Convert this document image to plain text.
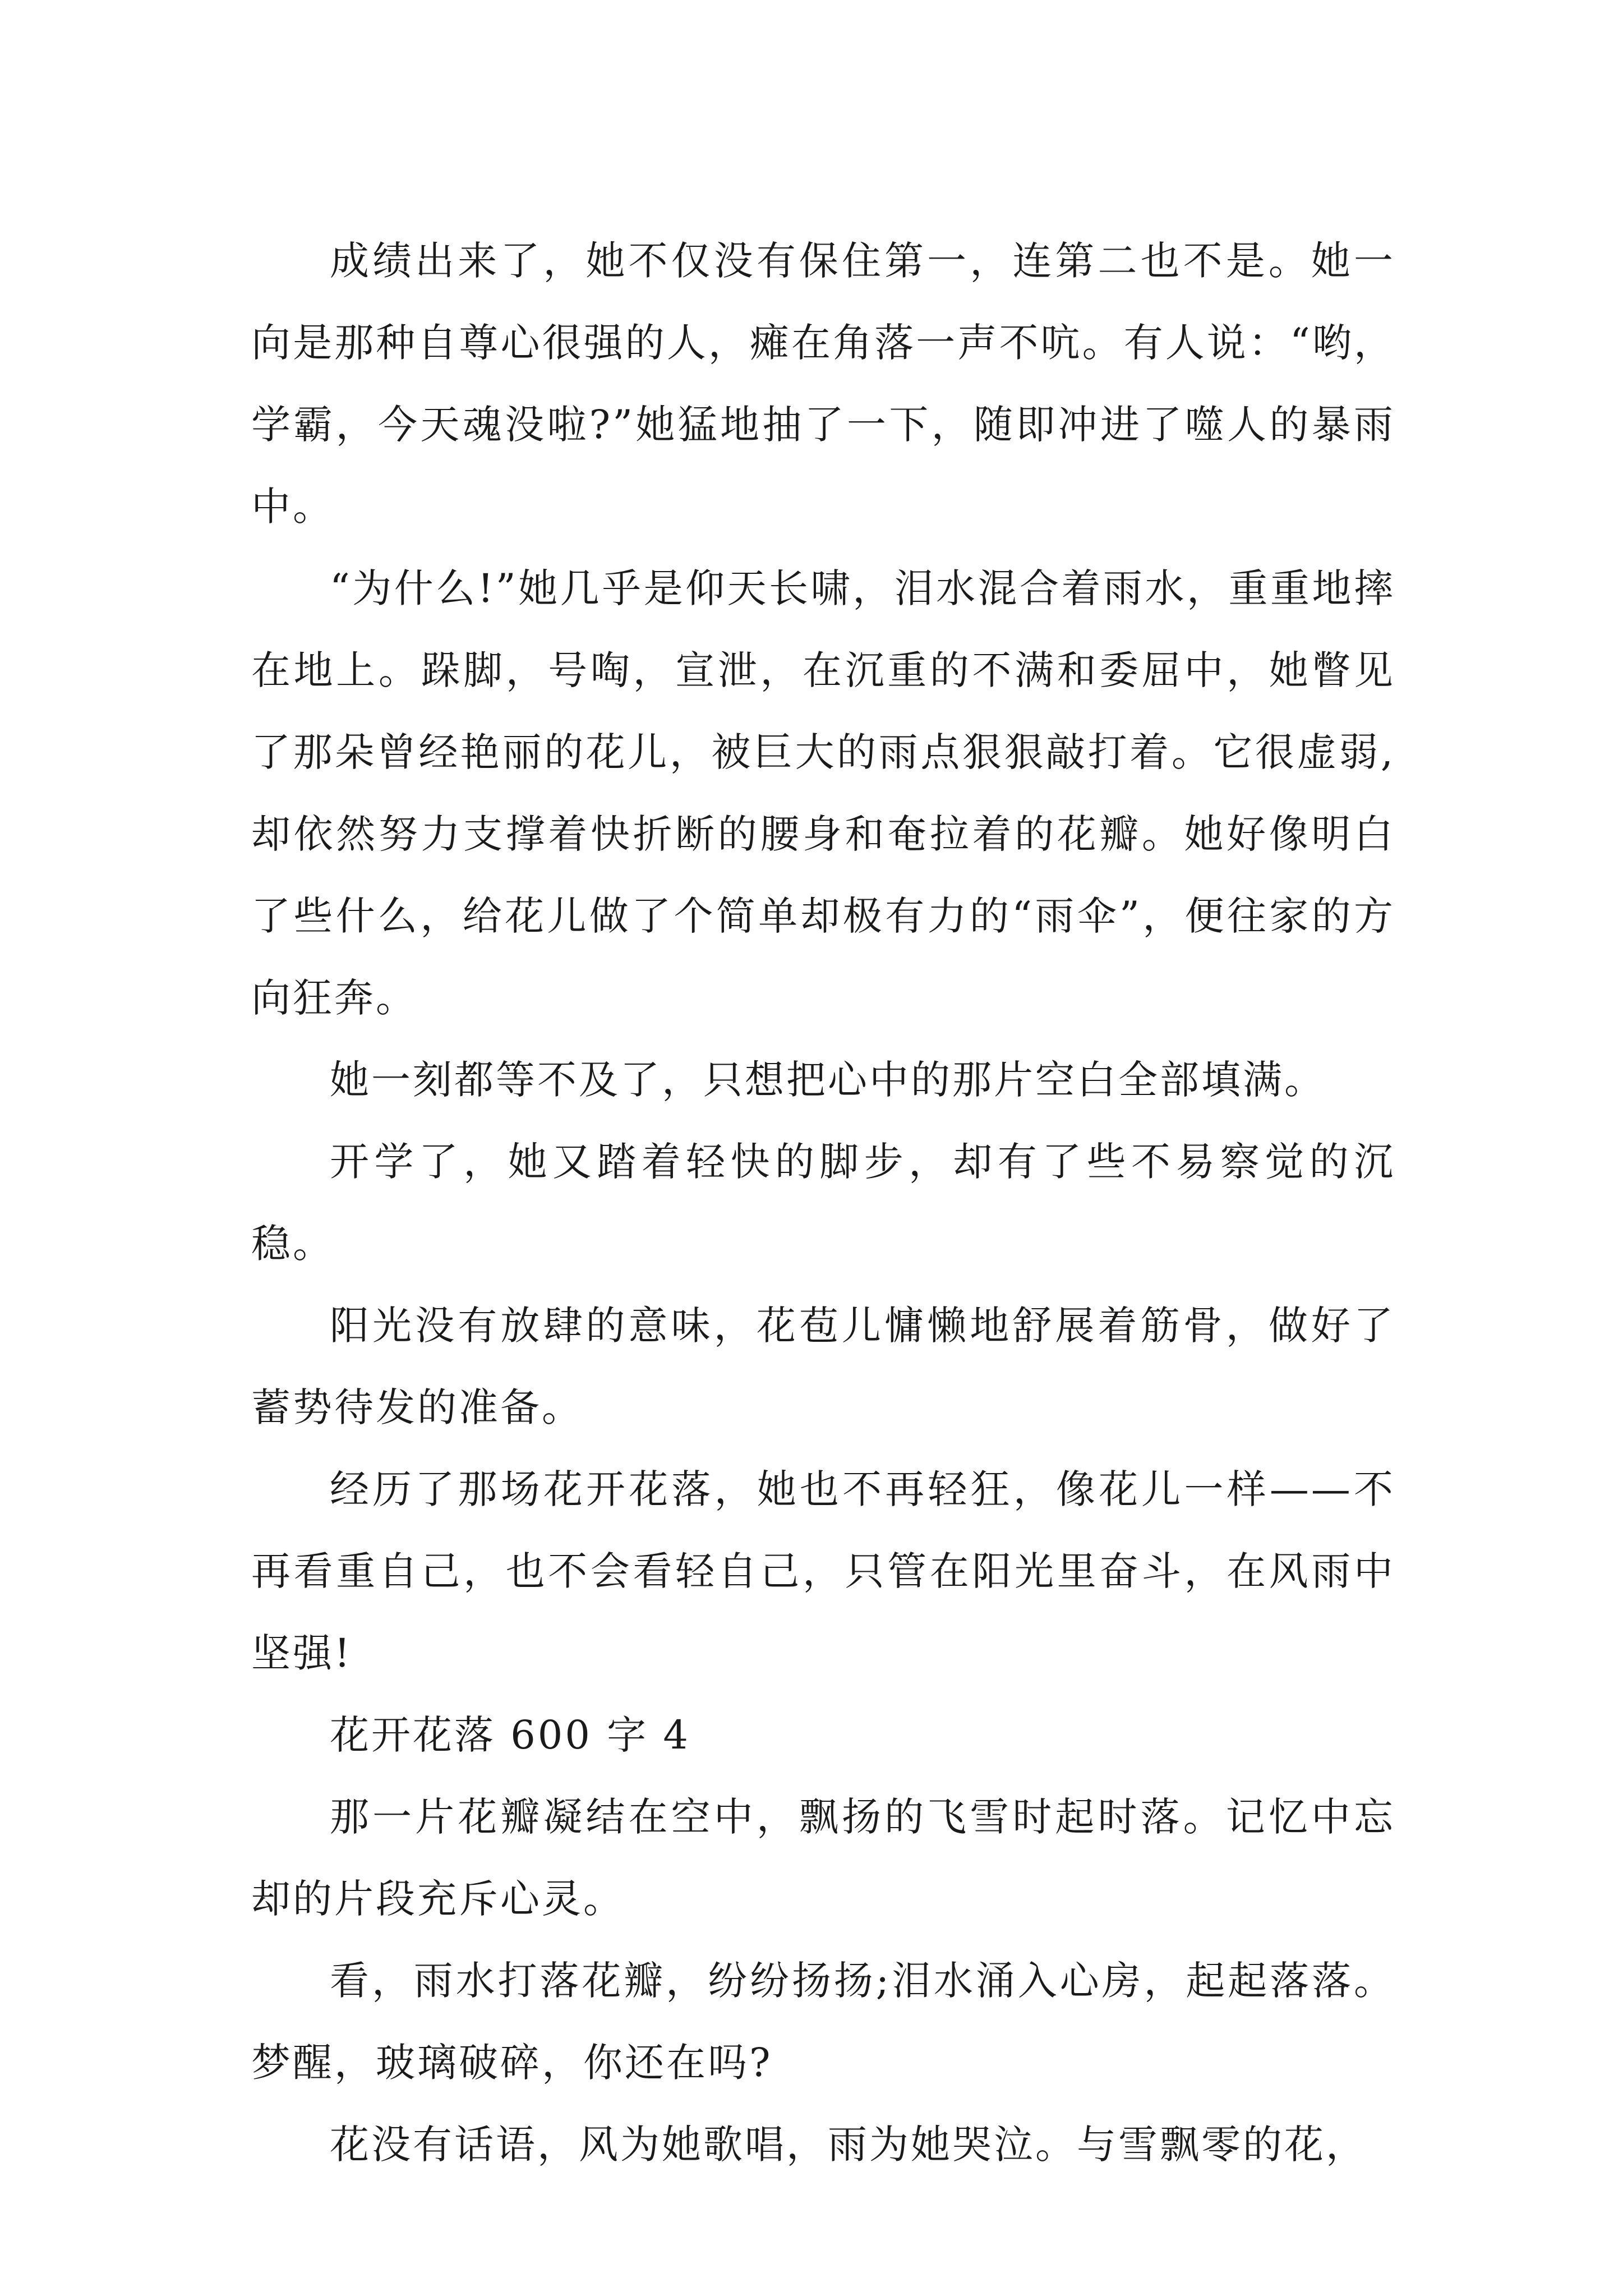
成绩出来了，她不仅没有保住第一，连第二也不是。她一向是那种自尊心很强的人，瘫在角落一声不吭。有人说：“哟，学霸，今天魂没啦?”她猛地抽了一下，随即冲进了噬人的暴雨中。

“为什么!”她几乎是仰天长啸，泪水混合着雨水，重重地摔在地上。跺脚，号啕，宣泄，在沉重的不满和委屈中，她瞥见了那朵曾经艳丽的花儿，被巨大的雨点狠狠敲打着。它很虚弱,却依然努力支撑着快折断的腰身和奄拉着的花瓣。她好像明白了些什么，给花儿做了个简单却极有力的“雨伞”，便往家的方向狂奔。

她一刻都等不及了，只想把心中的那片空白全部填满。

开学了，她又踏着轻快的脚步，却有了些不易察觉的沉稳。

阳光没有放肆的意味，花苞儿慵懒地舒展着筋骨，做好了蓄势待发的准备。

经历了那场花开花落，她也不再轻狂，像花儿一样——不再看重自己，也不会看轻自己，只管在阳光里奋斗，在风雨中坚强!

花开花落 600 字 4

那一片花瓣凝结在空中，飘扬的飞雪时起时落。记忆中忘却的片段充斥心灵。

看，雨水打落花瓣，纷纷扬扬;泪水涌入心房，起起落落。梦醒，玻璃破碎，你还在吗?

花没有话语，风为她歌唱，雨为她哭泣。与雪飘零的花，
